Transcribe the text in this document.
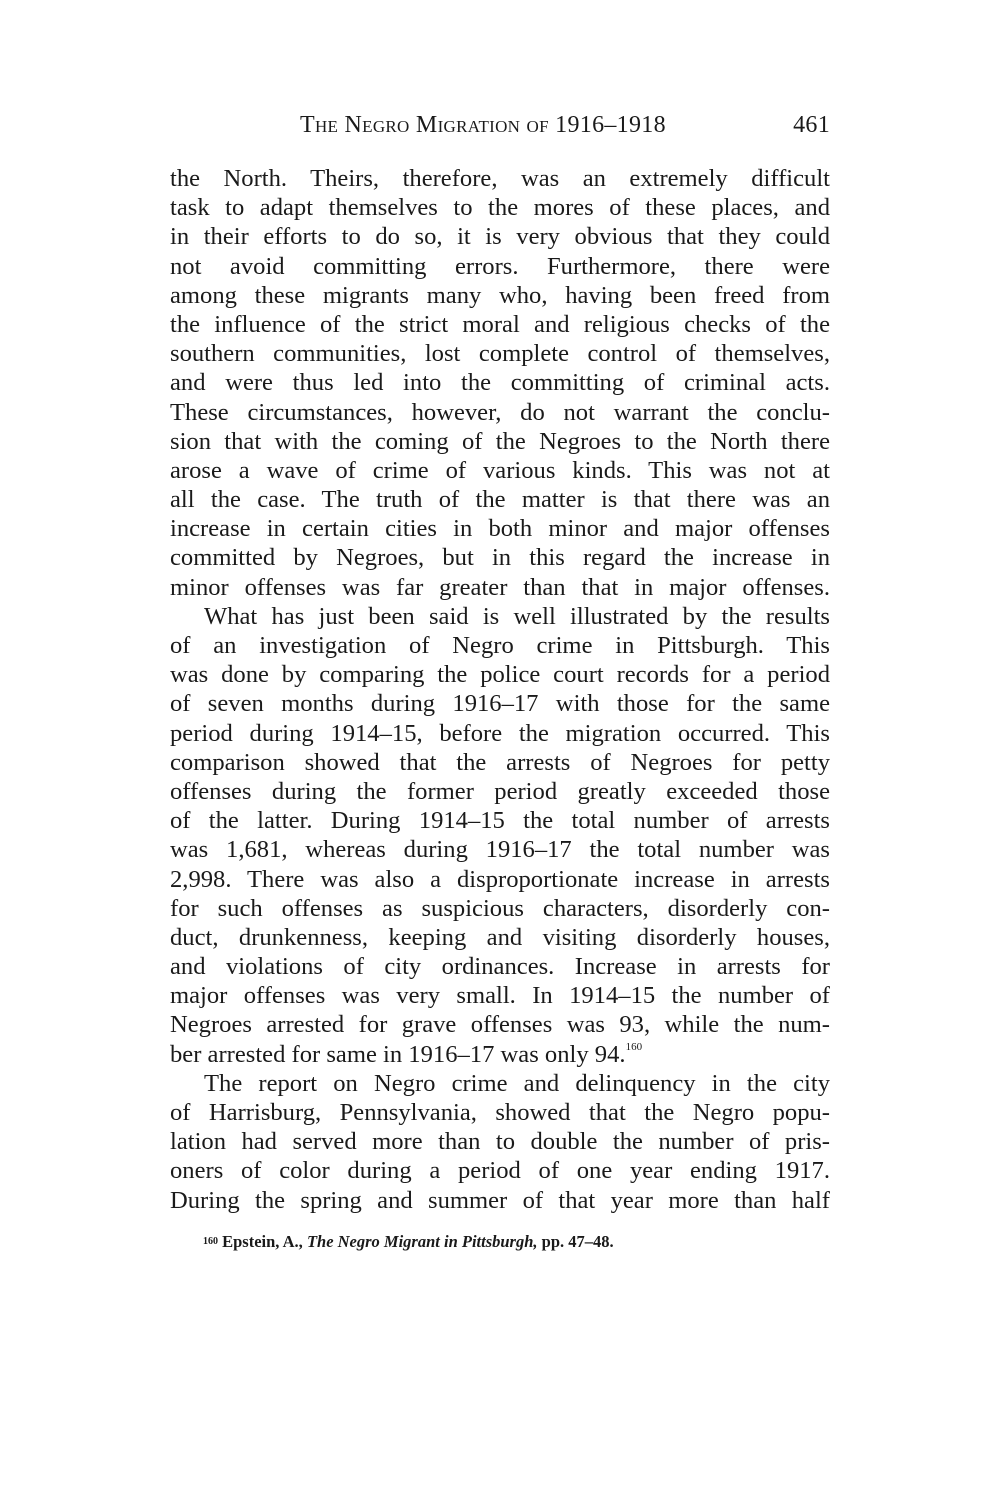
The Negro Migration of 1916–1918	461
the North. Theirs, therefore, was an extremely difficult
task to adapt themselves to the mores of these places, and
in their efforts to do so, it is very obvious that they could
not avoid committing errors. Furthermore, there were
among these migrants many who, having been freed from
the influence of the strict moral and religious checks of the
southern communities, lost complete control of themselves,
and were thus led into the committing of criminal acts.
These circumstances, however, do not warrant the conclu-
sion that with the coming of the Negroes to the North there
arose a wave of crime of various kinds. This was not at
all the case. The truth of the matter is that there was an
increase in certain cities in both minor and major offenses
committed by Negroes, but in this regard the increase in
minor offenses was far greater than that in major offenses.
What has just been said is well illustrated by the results
of an investigation of Negro crime in Pittsburgh. This
was done by comparing the police court records for a period
of seven months during 1916–17 with those for the same
period during 1914–15, before the migration occurred. This
comparison showed that the arrests of Negroes for petty
offenses during the former period greatly exceeded those
of the latter. During 1914–15 the total number of arrests
was 1,681, whereas during 1916–17 the total number was
2,998. There was also a disproportionate increase in arrests
for such offenses as suspicious characters, disorderly con-
duct, drunkenness, keeping and visiting disorderly houses,
and violations of city ordinances. Increase in arrests for
major offenses was very small. In 1914–15 the number of
Negroes arrested for grave offenses was 93, while the num-
ber arrested for same in 1916–17 was only 94.$^{160}$
The report on Negro crime and delinquency in the city
of Harrisburg, Pennsylvania, showed that the Negro popu-
lation had served more than to double the number of pris-
oners of color during a period of one year ending 1917.
During the spring and summer of that year more than half
160 Epstein, A., The Negro Migrant in Pittsburgh, pp. 47–48.
